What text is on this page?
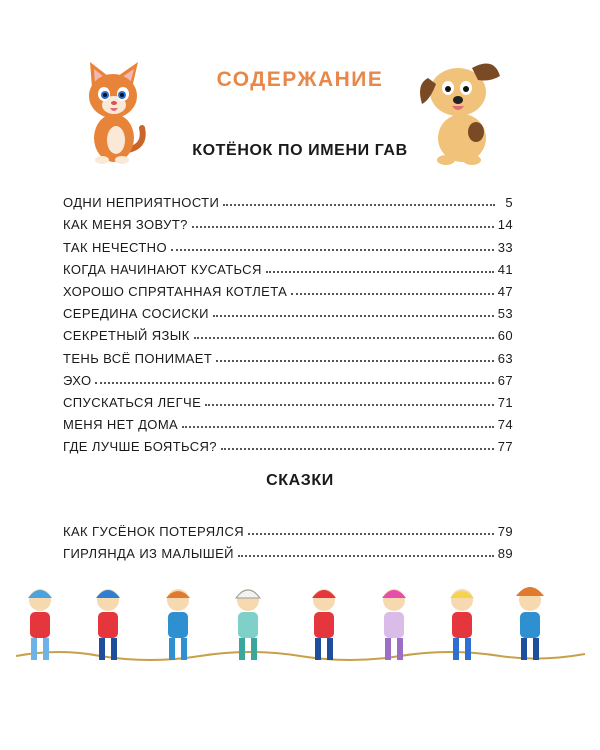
СОДЕРЖАНИЕ
КОТЁНОК ПО ИМЕНИ ГАВ
ОДНИ НЕПРИЯТНОСТИ	5
КАК МЕНЯ ЗОВУТ?	14
ТАК НЕЧЕСТНО	33
КОГДА НАЧИНАЮТ КУСАТЬСЯ	41
ХОРОШО СПРЯТАННАЯ КОТЛЕТА	47
СЕРЕДИНА СОСИСКИ	53
СЕКРЕТНЫЙ ЯЗЫК	60
ТЕНЬ ВСЁ ПОНИМАЕТ	63
ЭХО	67
СПУСКАТЬСЯ ЛЕГЧЕ	71
МЕНЯ НЕТ ДОМА	74
ГДЕ ЛУЧШЕ БОЯТЬСЯ?	77
СКАЗКИ
КАК ГУСЁНОК ПОТЕРЯЛСЯ	79
ГИРЛЯНДА ИЗ МАЛЫШЕЙ	89
